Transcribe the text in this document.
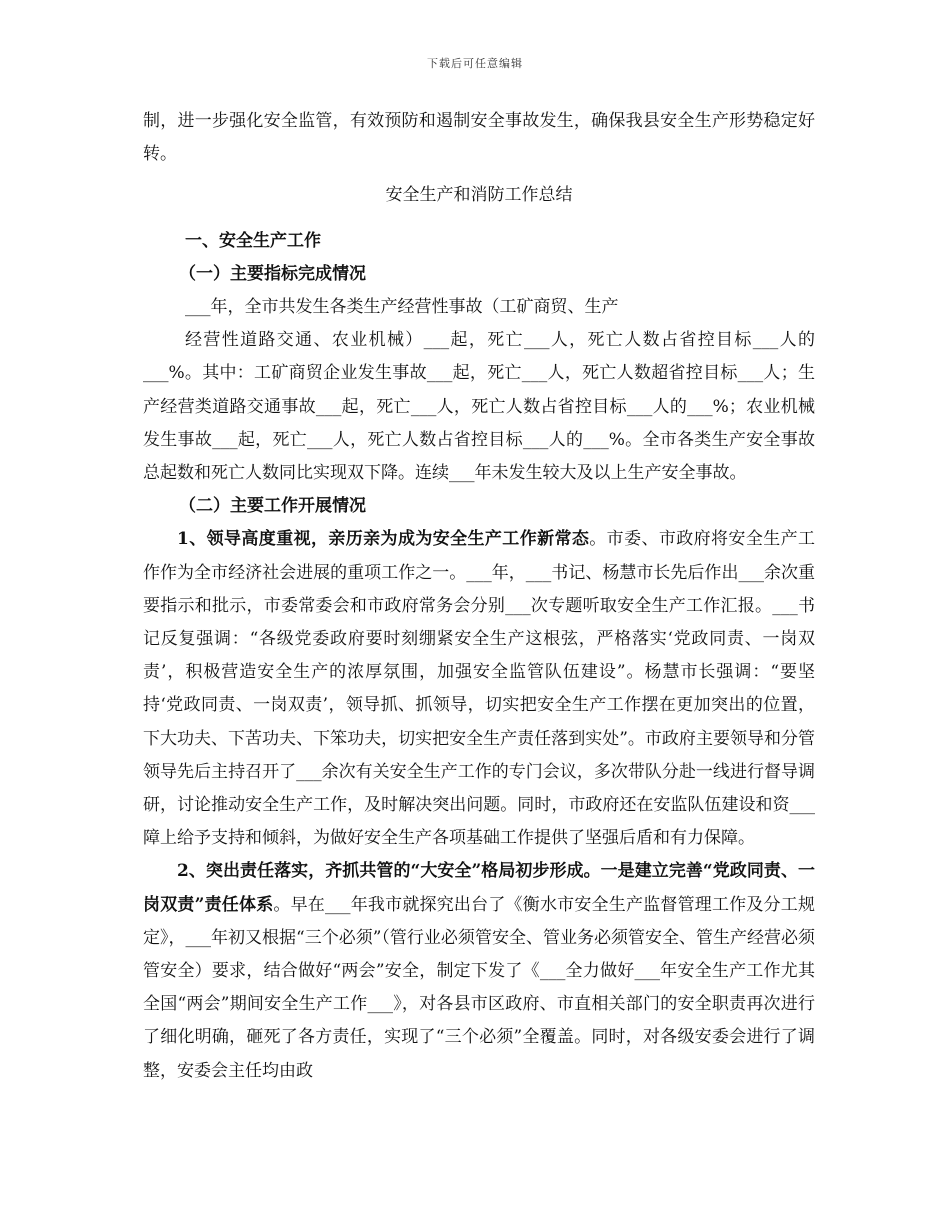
下载后可任意编辑

制，进一步强化安全监管，有效预防和遏制安全事故发生，确保我县安全生产形势稳定好转。

安全生产和消防工作总结

一、安全生产工作

（一）主要指标完成情况

___年，全市共发生各类生产经营性事故（工矿商贸、生产

经营性道路交通、农业机械）___起，死亡___人，死亡人数占省控目标___人的___%。其中：工矿商贸企业发生事故___起，死亡___人，死亡人数超省控目标___人；生产经营类道路交通事故___起，死亡___人，死亡人数占省控目标___人的___%；农业机械发生事故___起，死亡___人，死亡人数占省控目标___人的___%。全市各类生产安全事故总起数和死亡人数同比实现双下降。连续___年未发生较大及以上生产安全事故。

（二）主要工作开展情况

1、领导高度重视，亲历亲为成为安全生产工作新常态。市委、市政府将安全生产工作作为全市经济社会进展的重项工作之一。___年，___书记、杨慧市长先后作出___余次重要指示和批示，市委常委会和市政府常务会分别___次专题听取安全生产工作汇报。___书记反复强调：“各级党委政府要时刻绷紧安全生产这根弦，严格落实‘党政同责、一岗双责’，积极营造安全生产的浓厚氛围，加强安全监管队伍建设”。杨慧市长强调：“要坚持‘党政同责、一岗双责’，领导抓、抓领导，切实把安全生产工作摆在更加突出的位置，下大功夫、下苦功夫、下笨功夫，切实把安全生产责任落到实处”。市政府主要领导和分管领导先后主持召开了___余次有关安全生产工作的专门会议，多次带队分赴一线进行督导调研，讨论推动安全生产工作，及时解决突出问题。同时，市政府还在安监队伍建设和资___障上给予支持和倾斜，为做好安全生产各项基础工作提供了坚强后盾和有力保障。

2、突出责任落实，齐抓共管的“大安全”格局初步形成。一是建立完善“党政同责、一岗双责”责任体系。早在___年我市就探究出台了《衡水市安全生产监督管理工作及分工规定》，___年初又根据“三个必须”（管行业必须管安全、管业务必须管安全、管生产经营必须管安全）要求，结合做好“两会”安全，制定下发了《___全力做好___年安全生产工作尤其全国“两会”期间安全生产工作___》，对各县市区政府、市直相关部门的安全职责再次进行了细化明确，砸死了各方责任，实现了“三个必须”全覆盖。同时，对各级安委会进行了调整，安委会主任均由政
